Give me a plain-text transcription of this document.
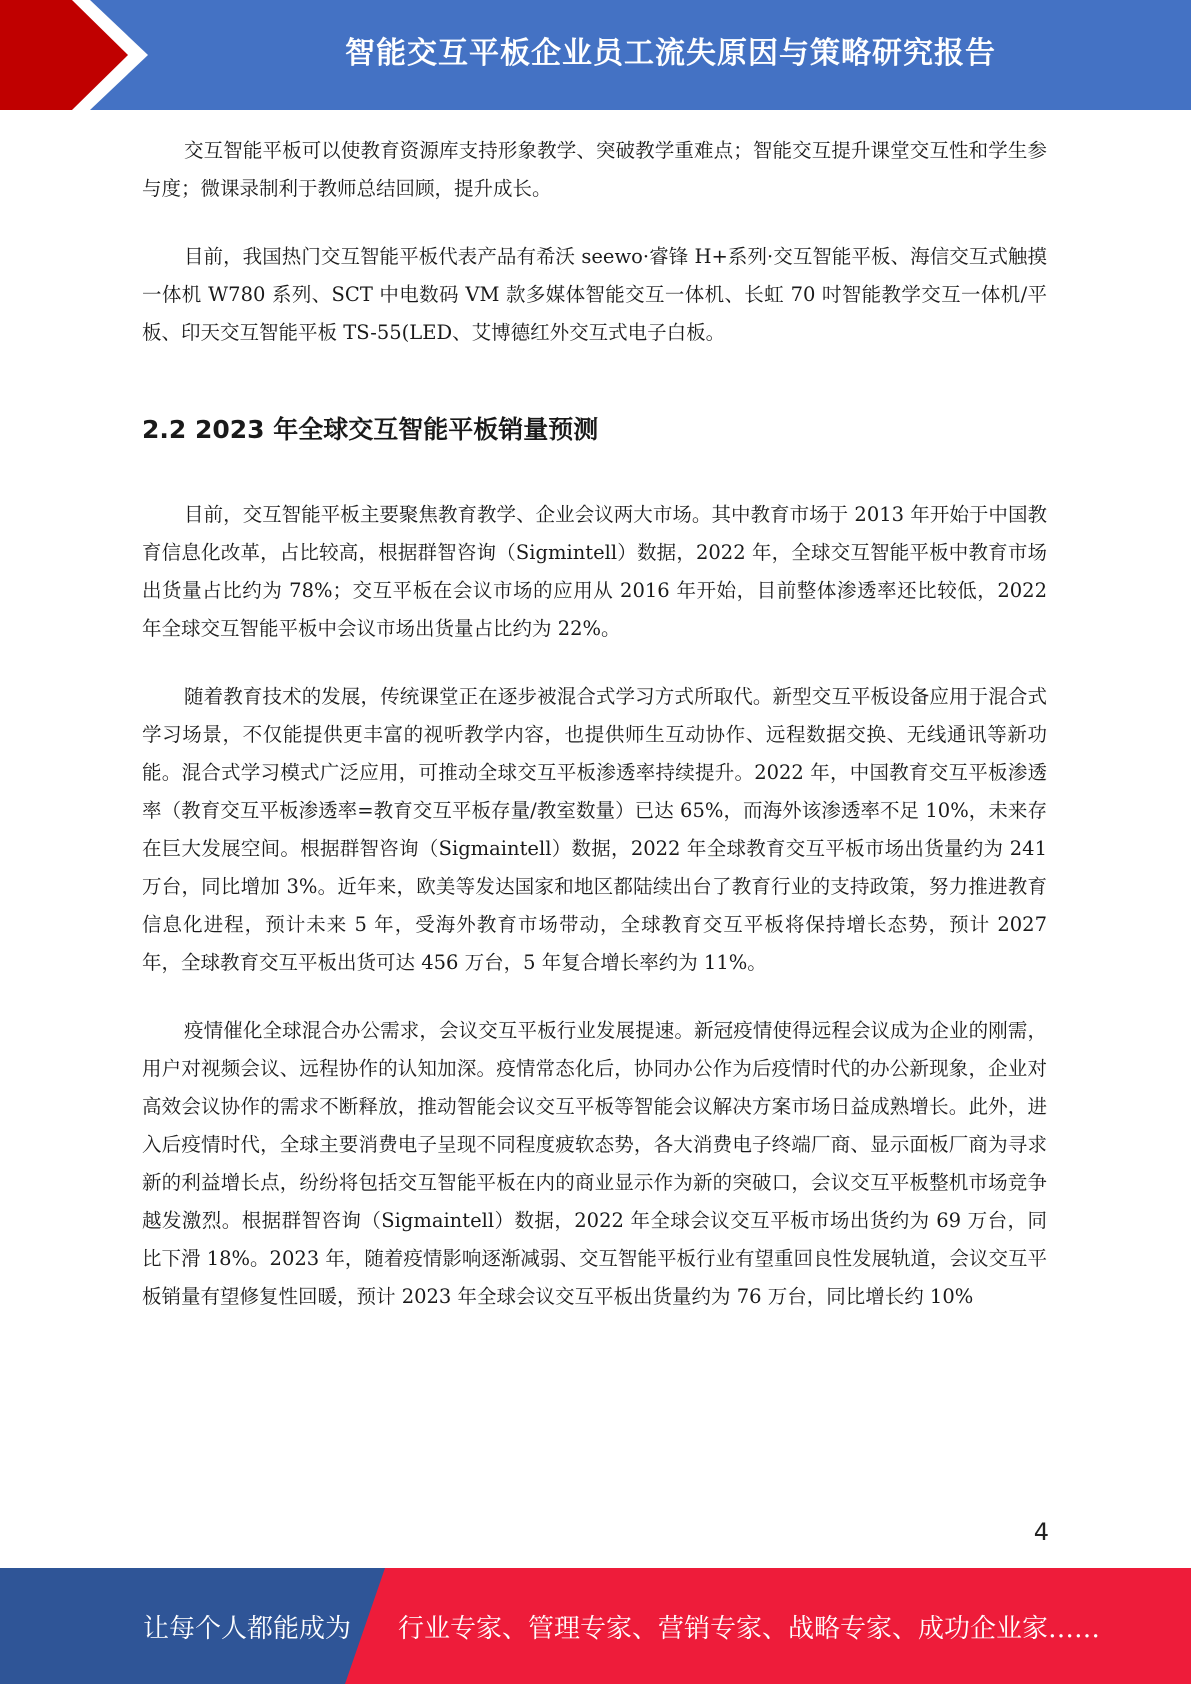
智能交互平板企业员工流失原因与策略研究报告

交互智能平板可以使教育资源库支持形象教学、突破教学重难点；智能交互提升课堂交互性和学生参与度；微课录制利于教师总结回顾，提升成长。

目前，我国热门交互智能平板代表产品有希沃 seewo·睿锋 H+系列·交互智能平板、海信交互式触摸一体机 W780 系列、SCT 中电数码 VM 款多媒体智能交互一体机、长虹 70 吋智能教学交互一体机/平板、印天交互智能平板 TS-55(LED、艾博德红外交互式电子白板。

2.2 2023 年全球交互智能平板销量预测

目前，交互智能平板主要聚焦教育教学、企业会议两大市场。其中教育市场于 2013 年开始于中国教育信息化改革，占比较高，根据群智咨询（Sigmintell）数据，2022 年，全球交互智能平板中教育市场出货量占比约为 78%；交互平板在会议市场的应用从 2016 年开始，目前整体渗透率还比较低，2022 年全球交互智能平板中会议市场出货量占比约为 22%。

随着教育技术的发展，传统课堂正在逐步被混合式学习方式所取代。新型交互平板设备应用于混合式学习场景，不仅能提供更丰富的视听教学内容，也提供师生互动协作、远程数据交换、无线通讯等新功能。混合式学习模式广泛应用，可推动全球交互平板渗透率持续提升。2022 年，中国教育交互平板渗透率（教育交互平板渗透率=教育交互平板存量/教室数量）已达 65%，而海外该渗透率不足 10%，未来存在巨大发展空间。根据群智咨询（Sigmaintell）数据，2022 年全球教育交互平板市场出货量约为 241 万台，同比增加 3%。近年来，欧美等发达国家和地区都陆续出台了教育行业的支持政策，努力推进教育信息化进程，预计未来 5 年，受海外教育市场带动，全球教育交互平板将保持增长态势，预计 2027 年，全球教育交互平板出货可达 456 万台，5 年复合增长率约为 11%。

疫情催化全球混合办公需求，会议交互平板行业发展提速。新冠疫情使得远程会议成为企业的刚需，用户对视频会议、远程协作的认知加深。疫情常态化后，协同办公作为后疫情时代的办公新现象，企业对高效会议协作的需求不断释放，推动智能会议交互平板等智能会议解决方案市场日益成熟增长。此外，进入后疫情时代，全球主要消费电子呈现不同程度疲软态势，各大消费电子终端厂商、显示面板厂商为寻求新的利益增长点，纷纷将包括交互智能平板在内的商业显示作为新的突破口，会议交互平板整机市场竞争越发激烈。根据群智咨询（Sigmaintell）数据，2022 年全球会议交互平板市场出货约为 69 万台，同比下滑 18%。2023 年，随着疫情影响逐渐减弱、交互智能平板行业有望重回良性发展轨道，会议交互平板销量有望修复性回暖，预计 2023 年全球会议交互平板出货量约为 76 万台，同比增长约 10%

4
让每个人都能成为 行业专家、管理专家、营销专家、战略专家、成功企业家……
